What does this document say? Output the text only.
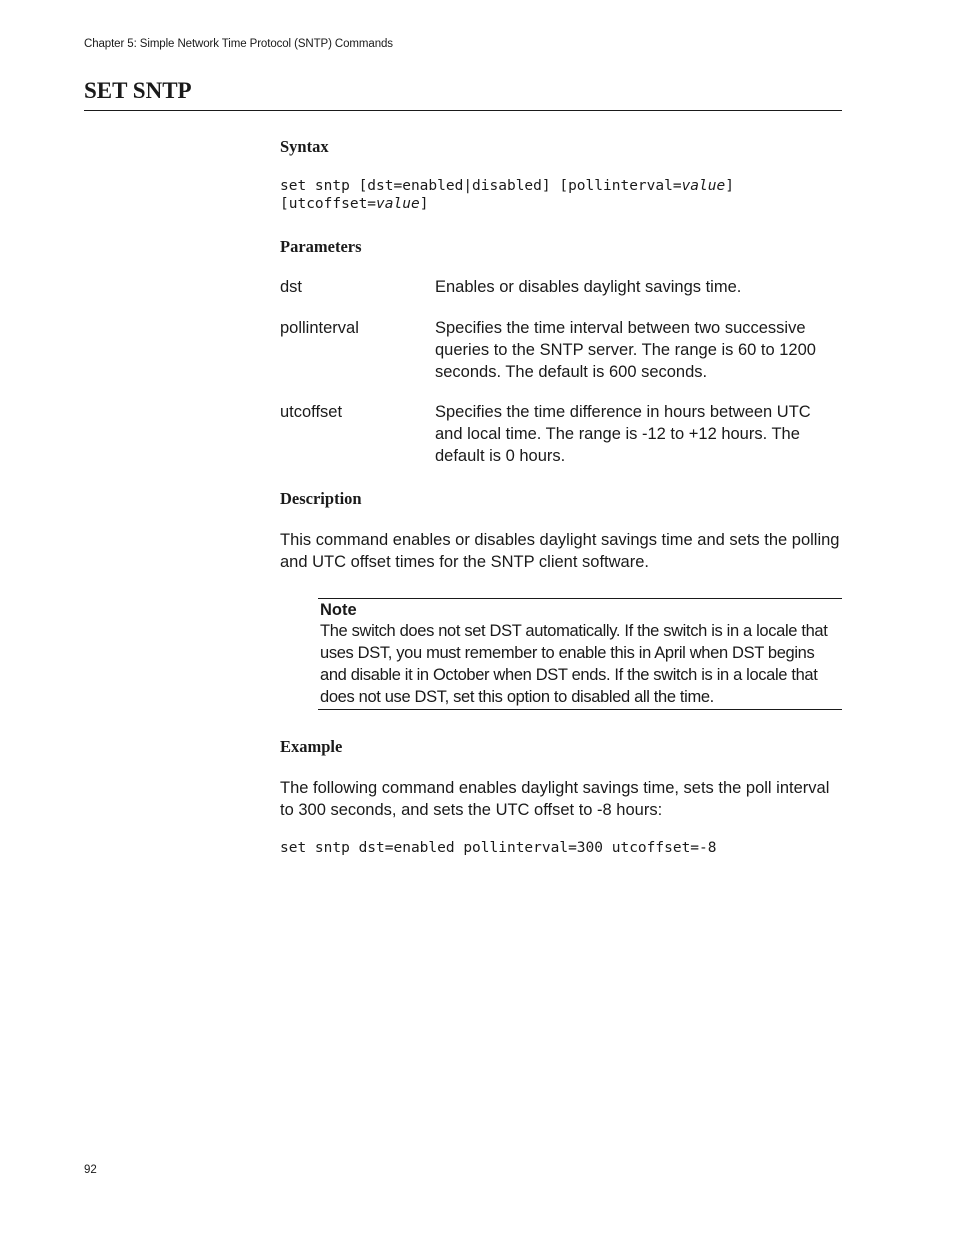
Chapter 5: Simple Network Time Protocol (SNTP) Commands
SET SNTP
Syntax
set sntp [dst=enabled|disabled] [pollinterval=value]
[utcoffset=value]
Parameters
dst	Enables or disables daylight savings time.
pollinterval	Specifies the time interval between two successive queries to the SNTP server. The range is 60 to 1200 seconds. The default is 600 seconds.
utcoffset	Specifies the time difference in hours between UTC and local time. The range is -12 to +12 hours. The default is 0 hours.
Description

This command enables or disables daylight savings time and sets the polling and UTC offset times for the SNTP client software.

Note
The switch does not set DST automatically. If the switch is in a locale that uses DST, you must remember to enable this in April when DST begins and disable it in October when DST ends. If the switch is in a locale that does not use DST, set this option to disabled all the time.
Example

The following command enables daylight savings time, sets the poll interval to 300 seconds, and sets the UTC offset to -8 hours:

set sntp dst=enabled pollinterval=300 utcoffset=-8
92
